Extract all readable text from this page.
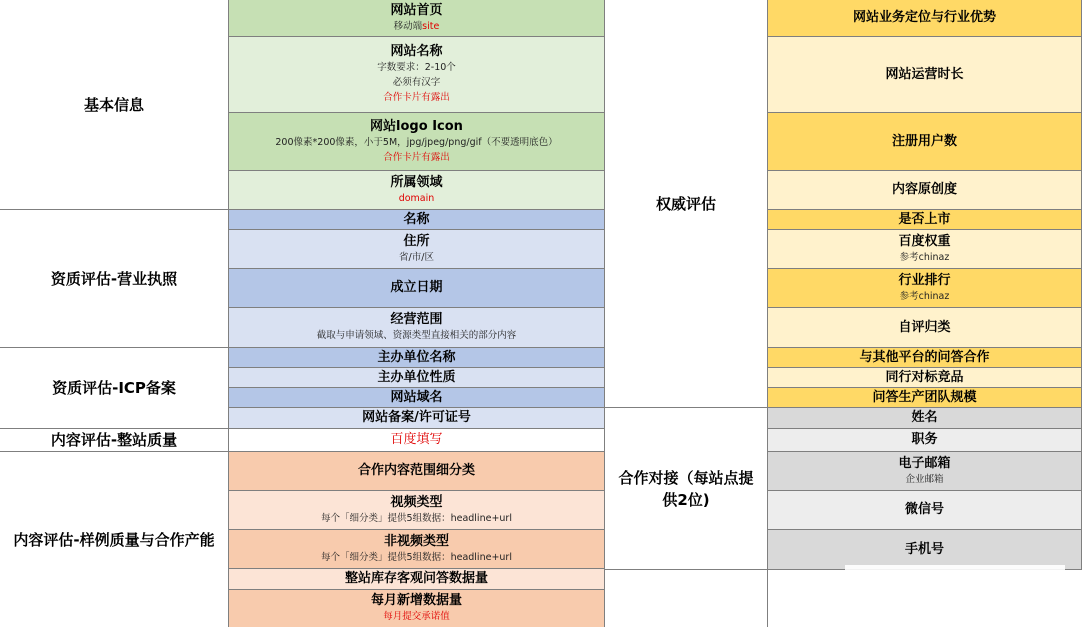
基本信息
资质评估-营业执照
资质评估-ICP备案
内容评估-整站质量
内容评估-样例质量与合作产能
网站首页
移动端site
网站名称
字数要求：2-10个
必须有汉字
合作卡片有露出
网站logo Icon
200像素*200像素，小于5M，jpg/jpeg/png/gif（不要透明底色）
合作卡片有露出
所属领域
domain
名称
住所
省/市/区
成立日期
经营范围
截取与申请领域、资源类型直接相关的部分内容
主办单位名称
主办单位性质
网站域名
网站备案/许可证号
百度填写
合作内容范围细分类
视频类型
每个「细分类」提供5组数据：headline+url
非视频类型
每个「细分类」提供5组数据：headline+url
整站库存客观问答数据量
每月新增数据量
每月提交承诺值
权威评估
合作对接（每站点提
供2位)
网站业务定位与行业优势
网站运营时长
注册用户数
内容原创度
是否上市
百度权重
参考chinaz
行业排行
参考chinaz
自评归类
与其他平台的问答合作
同行对标竞品
问答生产团队规模
姓名
职务
电子邮箱
企业邮箱
微信号
手机号
